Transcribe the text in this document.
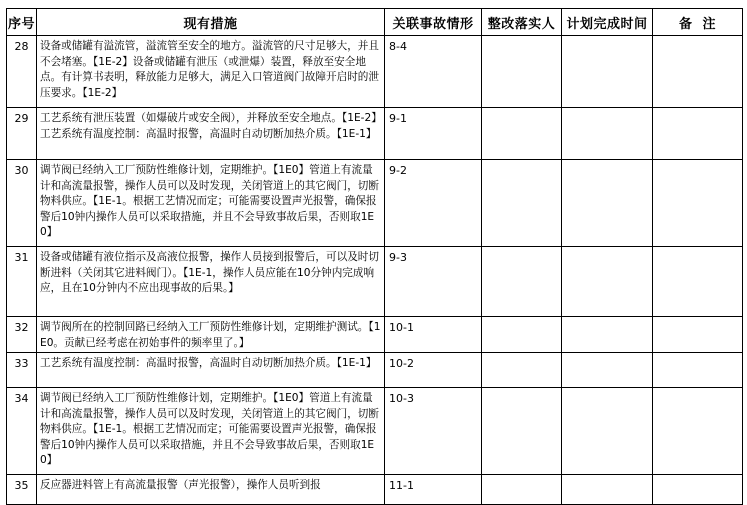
序号	现有措施	关联事故情形	整改落实人	计划完成时间	备  注
28	设备或储罐有溢流管，溢流管至安全的地方。溢流管的尺寸足够大，并且不会堵塞。【1E-2】设备或储罐有泄压（或泄爆）装置，释放至安全地点。有计算书表明，释放能力足够大，满足入口管道阀门故障开启时的泄压要求。【1E-2】	8-4			
29	工艺系统有泄压装置（如爆破片或安全阀），并释放至安全地点。【1E-2】工艺系统有温度控制：高温时报警，高温时自动切断加热介质。【1E-1】	9-1			
30	调节阀已经纳入工厂预防性维修计划，定期维护。【1E0】管道上有流量计和高流量报警，操作人员可以及时发现，关闭管道上的其它阀门，切断物料供应。【1E-1。根据工艺情况而定；可能需要设置声光报警，确保报警后10钟内操作人员可以采取措施，并且不会导致事故后果，否则取1E0】	9-2			
31	设备或储罐有液位指示及高液位报警，操作人员接到报警后，可以及时切断进料（关闭其它进料阀门）。【1E-1，操作人员应能在10分钟内完成响应，且在10分钟内不应出现事故的后果。】	9-3			
32	调节阀所在的控制回路已经纳入工厂预防性维修计划，定期维护测试。【1E0。贡献已经考虑在初始事件的频率里了。】	10-1			
33	工艺系统有温度控制：高温时报警，高温时自动切断加热介质。【1E-1】	10-2			
34	调节阀已经纳入工厂预防性维修计划，定期维护。【1E0】管道上有流量计和高流量报警，操作人员可以及时发现，关闭管道上的其它阀门，切断物料供应。【1E-1。根据工艺情况而定；可能需要设置声光报警，确保报警后10钟内操作人员可以采取措施，并且不会导致事故后果，否则取1E0】	10-3			
35	反应器进料管上有高流量报警（声光报警），操作人员听到报	11-1			
